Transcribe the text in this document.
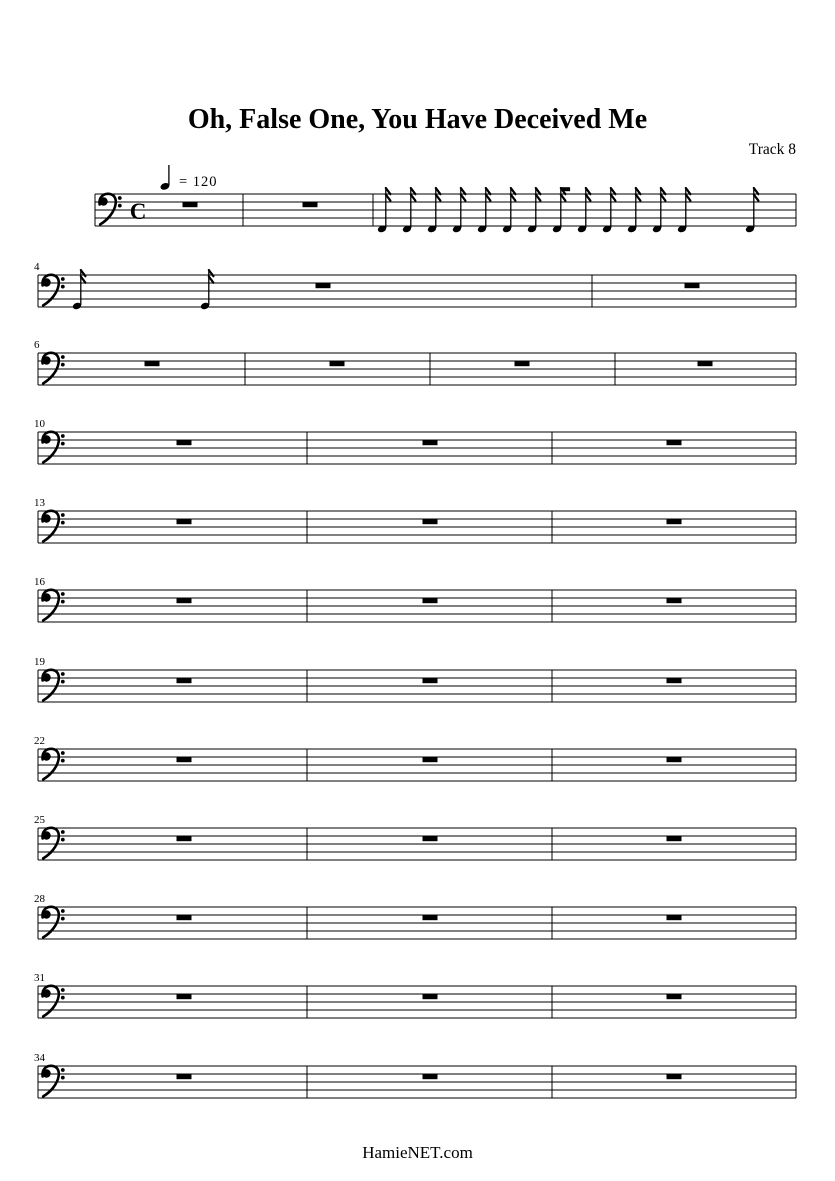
Oh, False One, You Have Deceived Me
Track 8
= 120
C
4
6
10
13
16
19
22
25
28
31
34
HamieNET.com
